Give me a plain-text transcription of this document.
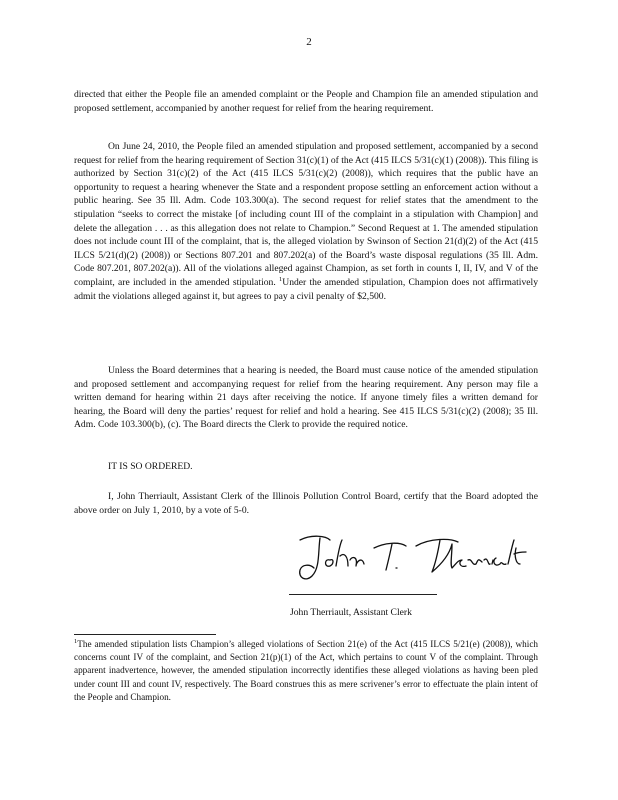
2

directed that either the People file an amended complaint or the People and Champion file an amended stipulation and proposed settlement, accompanied by another request for relief from the hearing requirement.

On June 24, 2010, the People filed an amended stipulation and proposed settlement, accompanied by a second request for relief from the hearing requirement of Section 31(c)(1) of the Act (415 ILCS 5/31(c)(1) (2008)). This filing is authorized by Section 31(c)(2) of the Act (415 ILCS 5/31(c)(2) (2008)), which requires that the public have an opportunity to request a hearing whenever the State and a respondent propose settling an enforcement action without a public hearing. See 35 Ill. Adm. Code 103.300(a). The second request for relief states that the amendment to the stipulation “seeks to correct the mistake [of including count III of the complaint in a stipulation with Champion] and delete the allegation . . . as this allegation does not relate to Champion.” Second Request at 1. The amended stipulation does not include count III of the complaint, that is, the alleged violation by Swinson of Section 21(d)(2) of the Act (415 ILCS 5/21(d)(2) (2008)) or Sections 807.201 and 807.202(a) of the Board’s waste disposal regulations (35 Ill. Adm. Code 807.201, 807.202(a)). All of the violations alleged against Champion, as set forth in counts I, II, IV, and V of the complaint, are included in the amended stipulation. $^1$Under the amended stipulation, Champion does not affirmatively admit the violations alleged against it, but agrees to pay a civil penalty of $2,500.

Unless the Board determines that a hearing is needed, the Board must cause notice of the amended stipulation and proposed settlement and accompanying request for relief from the hearing requirement. Any person may file a written demand for hearing within 21 days after receiving the notice. If anyone timely files a written demand for hearing, the Board will deny the parties’ request for relief and hold a hearing. See 415 ILCS 5/31(c)(2) (2008); 35 Ill. Adm. Code 103.300(b), (c). The Board directs the Clerk to provide the required notice.

IT IS SO ORDERED.

I, John Therriault, Assistant Clerk of the Illinois Pollution Control Board, certify that the Board adopted the above order on July 1, 2010, by a vote of 5-0.

John Therriault, Assistant Clerk
$^1$The amended stipulation lists Champion’s alleged violations of Section 21(e) of the Act (415 ILCS 5/21(e) (2008)), which concerns count IV of the complaint, and Section 21(p)(1) of the Act, which pertains to count V of the complaint. Through apparent inadvertence, however, the amended stipulation incorrectly identifies these alleged violations as having been pled under count III and count IV, respectively. The Board construes this as mere scrivener’s error to effectuate the plain intent of the People and Champion.
